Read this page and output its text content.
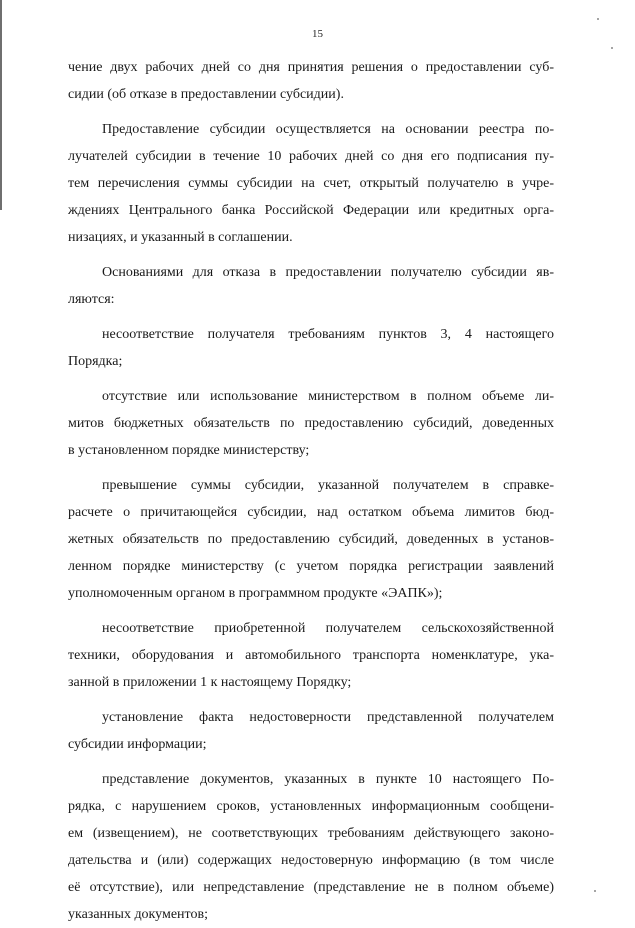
15
чение двух рабочих дней со дня принятия решения о предоставлении суб-
сидии (об отказе в предоставлении субсидии).
Предоставление субсидии осуществляется на основании реестра по-
лучателей субсидии в течение 10 рабочих дней со дня его подписания пу-
тем перечисления суммы субсидии на счет, открытый получателю в учре-
ждениях Центрального банка Российской Федерации или кредитных орга-
низациях, и указанный в соглашении.
Основаниями для отказа в предоставлении получателю субсидии яв-
ляются:
несоответствие получателя требованиям пунктов 3, 4 настоящего
Порядка;
отсутствие или использование министерством в полном объеме ли-
митов бюджетных обязательств по предоставлению субсидий, доведенных
в установленном порядке министерству;
превышение суммы субсидии, указанной получателем в справке-
расчете о причитающейся субсидии, над остатком объема лимитов бюд-
жетных обязательств по предоставлению субсидий, доведенных в установ-
ленном порядке министерству (с учетом порядка регистрации заявлений
уполномоченным органом в программном продукте «ЭАПК»);
несоответствие приобретенной получателем сельскохозяйственной
техники, оборудования и автомобильного транспорта номенклатуре, ука-
занной в приложении 1 к настоящему Порядку;
установление факта недостоверности представленной получателем
субсидии информации;
представление документов, указанных в пункте 10 настоящего По-
рядка, с нарушением сроков, установленных информационным сообщени-
ем (извещением), не соответствующих требованиям действующего законо-
дательства и (или) содержащих недостоверную информацию (в том числе
её отсутствие), или непредставление (представление не в полном объеме)
указанных документов;
